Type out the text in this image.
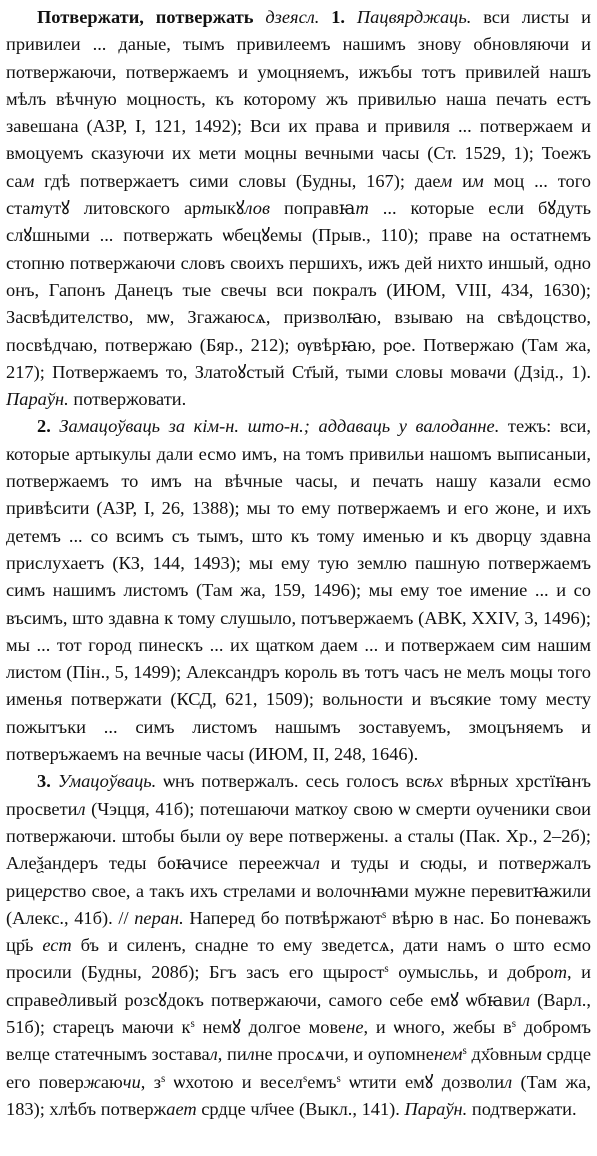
Потвержати, потвержать дзеясл. 1. Пацвярджаць. вси листы и привилеи ... даные, тымъ привилеемъ нашимъ знову обновляючи и потвержаючи, потвержаемъ и умоцняемъ, ижъбы тотъ привилей нашъ мѣлъ вѣчную моцность, къ которому жъ привилью наша печать естъ завешана (АЗР, I, 121, 1492); Вси их права и привиля ... потвержаем и вмоцуемъ сказуючи их мети моцны вечными часы (Ст. 1529, 1); Тоежъ сам гдѣ потвержаетъ сими словы (Будны, 167); даем им моц ... того статутꙋ литовского артыкꙋлов поправꙗт ... которые если бꙋдуть слꙋшными ... потвержать ѡбецꙋемы (Прыв., 110); праве на остатнемъ стопню потвержаючи словъ своихъ першихъ, ижъ дей нихто иншый, одно онъ, Гапонъ Данецъ тые свечы вси покралъ (ИЮМ, VIII, 434, 1630); Засвѣдителство, мѡ, Згажаюсѧ, призволꙗю, взываю на свѣдоцство, посвѣдчаю, потвержаю (Бяр., 212); ѹвѣрꙗю, рѻе. Потвержаю (Там жа, 217); Потвержаемъ то, Златоꙋстый Ст҃ый, тыми словы мовачи (Дзід., 1). Параўн. потвержовати.

2. Замацоўваць за кім-н. што-н.; аддаваць у валоданне. тежъ: вси, которые артыкулы дали есмо имъ, на томъ привильи нашомъ выписаныи, потвержаемъ то имъ на вѣчные часы, и печать нашу казали есмо привѣсити (АЗР, I, 26, 1388); мы то ему потвержаемъ и его жоне, и ихъ детемъ ... со всимъ съ тымъ, што къ тому именью и къ дворцу здавна прислухаетъ (КЗ, 144, 1493); мы ему тую землю пашную потвержаемъ симъ нашимъ листомъ (Там жа, 159, 1496); мы ему тое имение ... и со въсимъ, што здавна к тому слушыло, потъвержаемъ (АВК, XXIV, 3, 1496); мы ... тот город пинескъ ... их щатком даем ... и потвержаем сим нашим листом (Пін., 5, 1499); Александръ король въ тотъ часъ не мелъ моцы того именья потвержати (КСД, 621, 1509); вольности и въсякие тому месту пожытъки ... симъ листомъ нашымъ зоставуемъ, змоцъняемъ и потверъжаемъ на вечные часы (ИЮМ, II, 248, 1646).

3. Умацоўваць. ѡнъ потвержалъ. сесь голосъ всѣх вѣрных хрстїꙗнъ просветил (Чэцця, 41б); потешаючи маткоу свою ѡ смерти оученики свои потвержаючи. штобы были оу вере потвержены. а сталы (Пак. Хр., 2–2б); Алеѯандеръ теды боꙗчисе переежчал и туды и сюды, и потвержалъ рицeрство свое, а такъ ихъ стрелами и волочнꙗми мужне перевитꙗжили (Алекс., 41б). // перан. Наперед бо потвѣржают$^ѕ$ вѣрю в нас. Бо поневажъ цр҃ь ест бъ и силенъ, снадне то ему зведетсѧ, дати намъ о што есмо просили (Будны, 208б); Бгъ засъ его щырост$^ѕ$ оумысльь, и доброт, и справедливый розсꙋдокъ потвержаючи, самого себе емꙋ ѡбꙗвил (Варл., 51б); старецъ маючи $к^ѕ$ немꙋ долгое мовене, и ѡного, жебы $в^ѕ$ добромъ велце статечнымъ зоставал, пилне просѧчи, и оупомненем$^ѕ$ дх҃овным срдце его повержаючи, $з^ѕ$ ѡхотою и весел$^ѕ$емъ$^ѕ$ ѡтити емꙋ дозволил (Там жа, 183); хлѣбъ потвержает срдце чл҃чее (Выкл., 141). Параўн. подтвержати.
